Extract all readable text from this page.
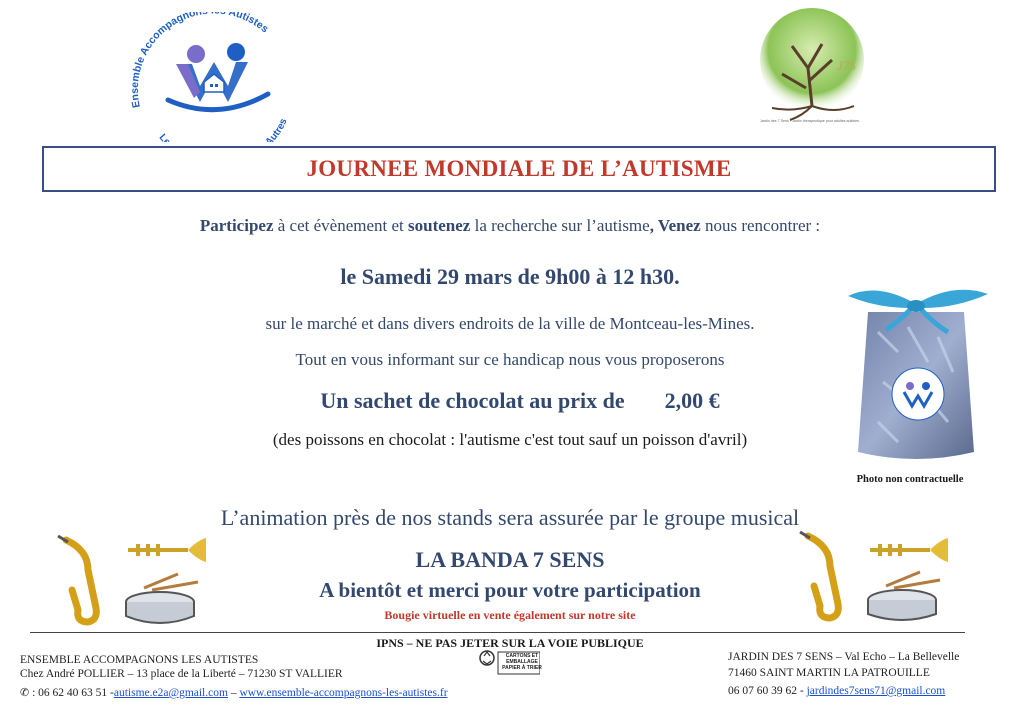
Ensemble Accompagno Autistes
L Autres
J7S
Jardin des 7 Sens - Jardin thérapeutique pour adultes autistes
JOURNEE MONDIALE DE L’AUTISME
Participez à cet évènement et soutenez la recherche sur l’autisme, Venez nous rencontrer :
le Samedi 29 mars de 9h00 à 12 h30.
sur le marché et dans divers endroits de la ville de Montceau-les-Mines.
Tout en vous informant sur ce handicap nous vous proposerons
Un sachet de chocolat au prix de 2,00 €
(des poissons en chocolat : l'autisme c'est tout sauf un poisson d'avril)
Photo non contractuelle
L’animation près de nos stands sera assurée par le groupe musical
LA BANDA 7 SENS
A bientôt et merci pour votre participation
Bougie virtuelle en vente également sur notre site
IPNS – NE PAS JETER SUR LA VOIE PUBLIQUE
CARTONS ET EMBALLAGE PAPIER À TRIER
ENSEMBLE ACCOMPAGNONS LES AUTISTES
Chez André POLLIER – 13 place de la Liberté – 71230 ST VALLIER
✆ : 06 62 40 63 51 -autisme.e2a@gmail.com – www.ensemble-accompagnons-les-autistes.fr
JARDIN DES 7 SENS – Val Echo – La Bellevelle
71460 SAINT MARTIN LA PATROUILLE
06 07 60 39 62 - jardindes7sens71@gmail.com
